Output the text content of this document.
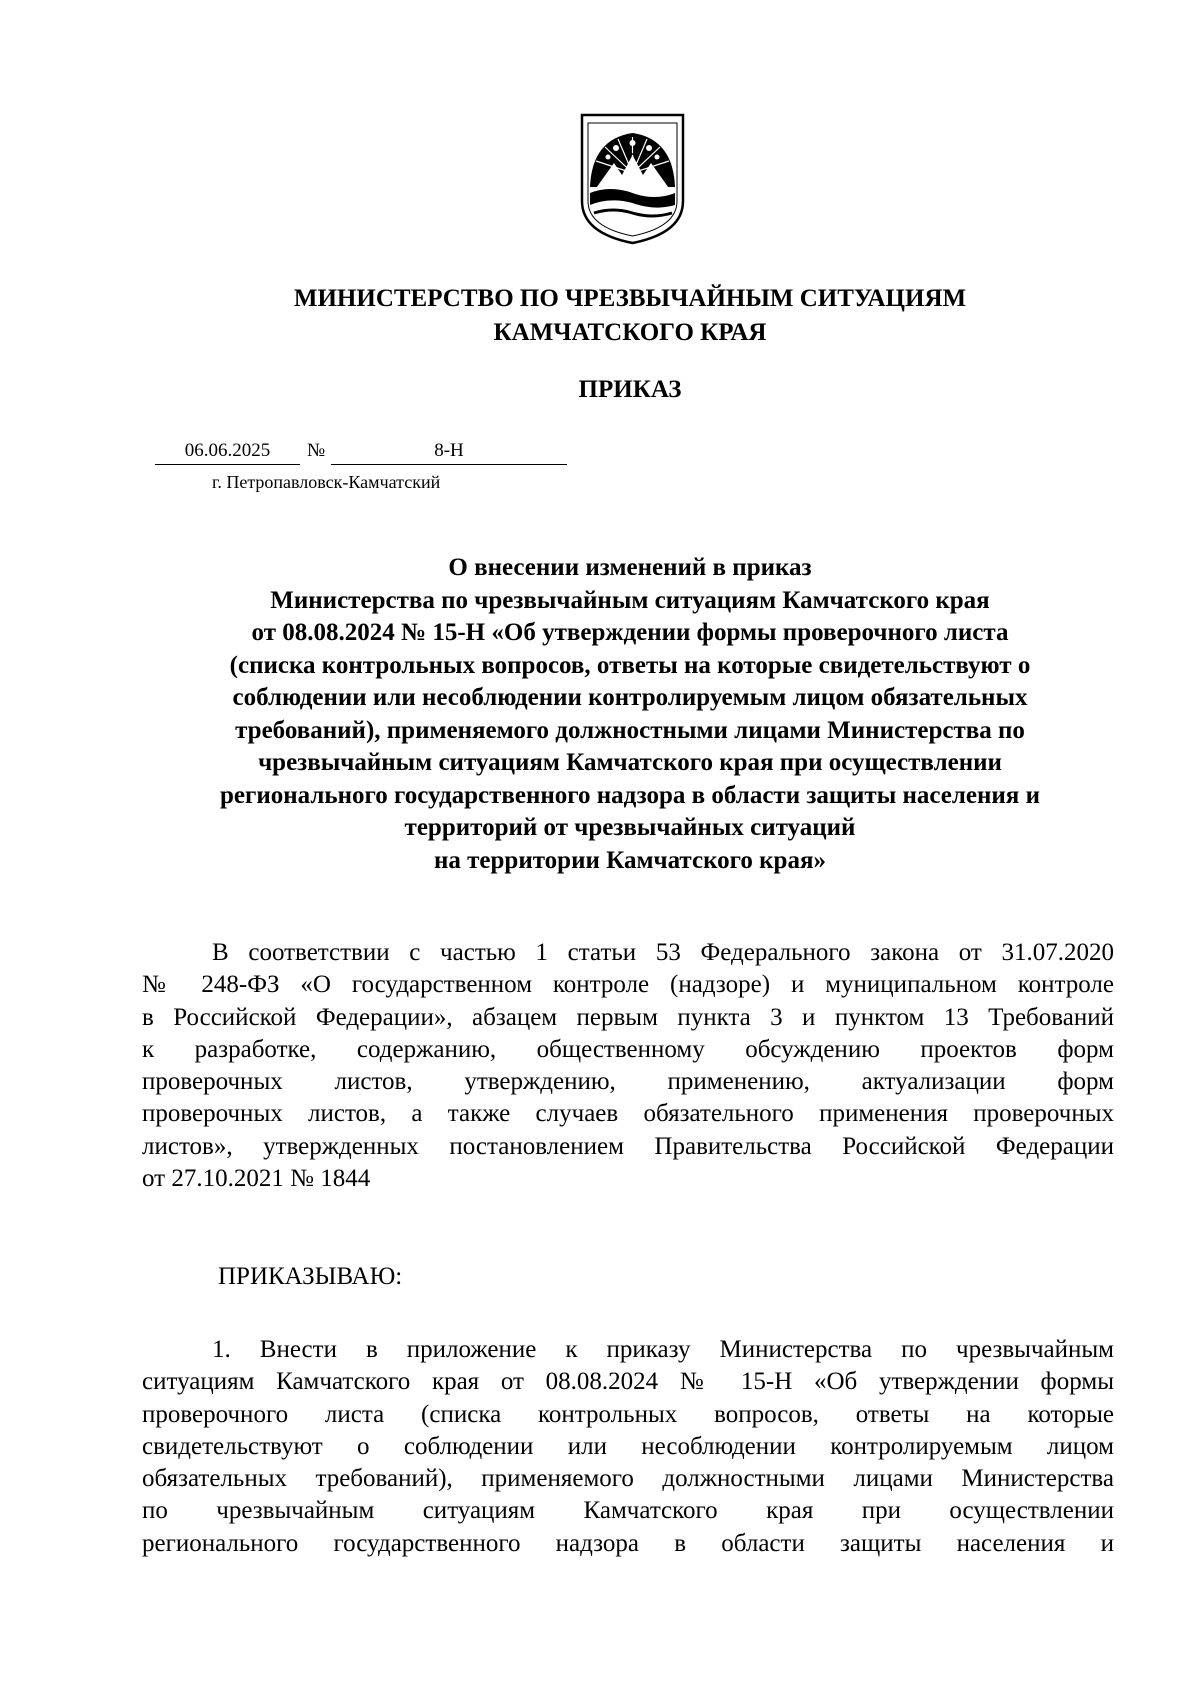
МИНИСТЕРСТВО ПО ЧРЕЗВЫЧАЙНЫМ СИТУАЦИЯМ
КАМЧАТСКОГО КРАЯ
ПРИКАЗ
06.06.2025	№	8-Н
г. Петропавловск-Камчатский
О внесении изменений в приказ
Министерства по чрезвычайным ситуациям Камчатского края
от 08.08.2024 № 15-Н «Об утверждении формы проверочного листа
(списка контрольных вопросов, ответы на которые свидетельствуют о
соблюдении или несоблюдении контролируемым лицом обязательных
требований), применяемого должностными лицами Министерства по
чрезвычайным ситуациям Камчатского края при осуществлении
регионального государственного надзора в области защиты населения и
территорий от чрезвычайных ситуаций
на территории Камчатского края»
В соответствии с частью 1 статьи 53 Федерального закона от 31.07.2020
№ 248-ФЗ «О государственном контроле (надзоре) и муниципальном контроле
в Российской Федерации», абзацем первым пункта 3 и пунктом 13 Требований
к разработке, содержанию, общественному обсуждению проектов форм
проверочных листов, утверждению, применению, актуализации форм
проверочных листов, а также случаев обязательного применения проверочных
листов», утвержденных постановлением Правительства Российской Федерации
от 27.10.2021 № 1844
ПРИКАЗЫВАЮ:
1. Внести в приложение к приказу Министерства по чрезвычайным
ситуациям Камчатского края от 08.08.2024 № 15-Н «Об утверждении формы
проверочного листа (списка контрольных вопросов, ответы на которые
свидетельствуют о соблюдении или несоблюдении контролируемым лицом
обязательных требований), применяемого должностными лицами Министерства
по чрезвычайным ситуациям Камчатского края при осуществлении
регионального государственного надзора в области защиты населения и
